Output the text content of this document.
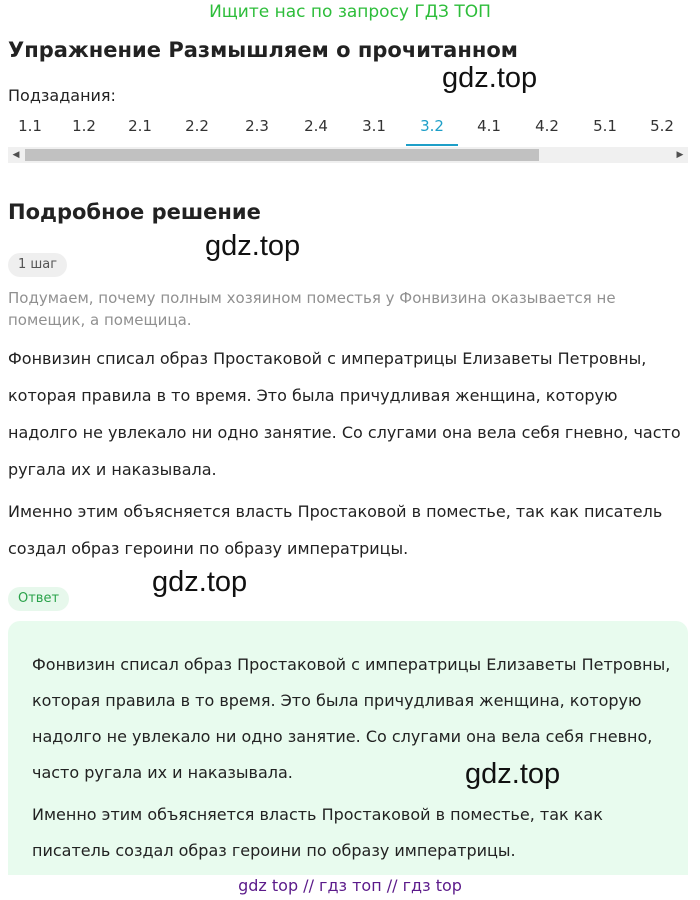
Ищите нас по запросу ГДЗ ТОП
Упражнение Размышляем о прочитанном
gdz.top
Подзадания:
1.1	1.2	2.1	2.2	2.3	2.4	3.1	3.2	4.1	4.2	5.1	5.2
◀	▶
Подробное решение
gdz.top
1 шаг
Подумаем, почему полным хозяином поместья у Фонвизина оказывается не помещик, а помещица.

Фонвизин списал образ Простаковой с императрицы Елизаветы Петровны, которая правила в то время. Это была причудливая женщина, которую надолго не увлекало ни одно занятие. Со слугами она вела себя гневно, часто ругала их и наказывала.

Именно этим объясняется власть Простаковой в поместье, так как писатель создал образ героини по образу императрицы.

gdz.top
Ответ

Фонвизин списал образ Простаковой с императрицы Елизаветы Петровны, которая правила в то время. Это была причудливая женщина, которую надолго не увлекало ни одно занятие. Со слугами она вела себя гневно, часто ругала их и наказывала.

Именно этим объясняется власть Простаковой в поместье, так как писатель создал образ героини по образу императрицы.

gdz.top
gdz top // гдз топ // гдз top
